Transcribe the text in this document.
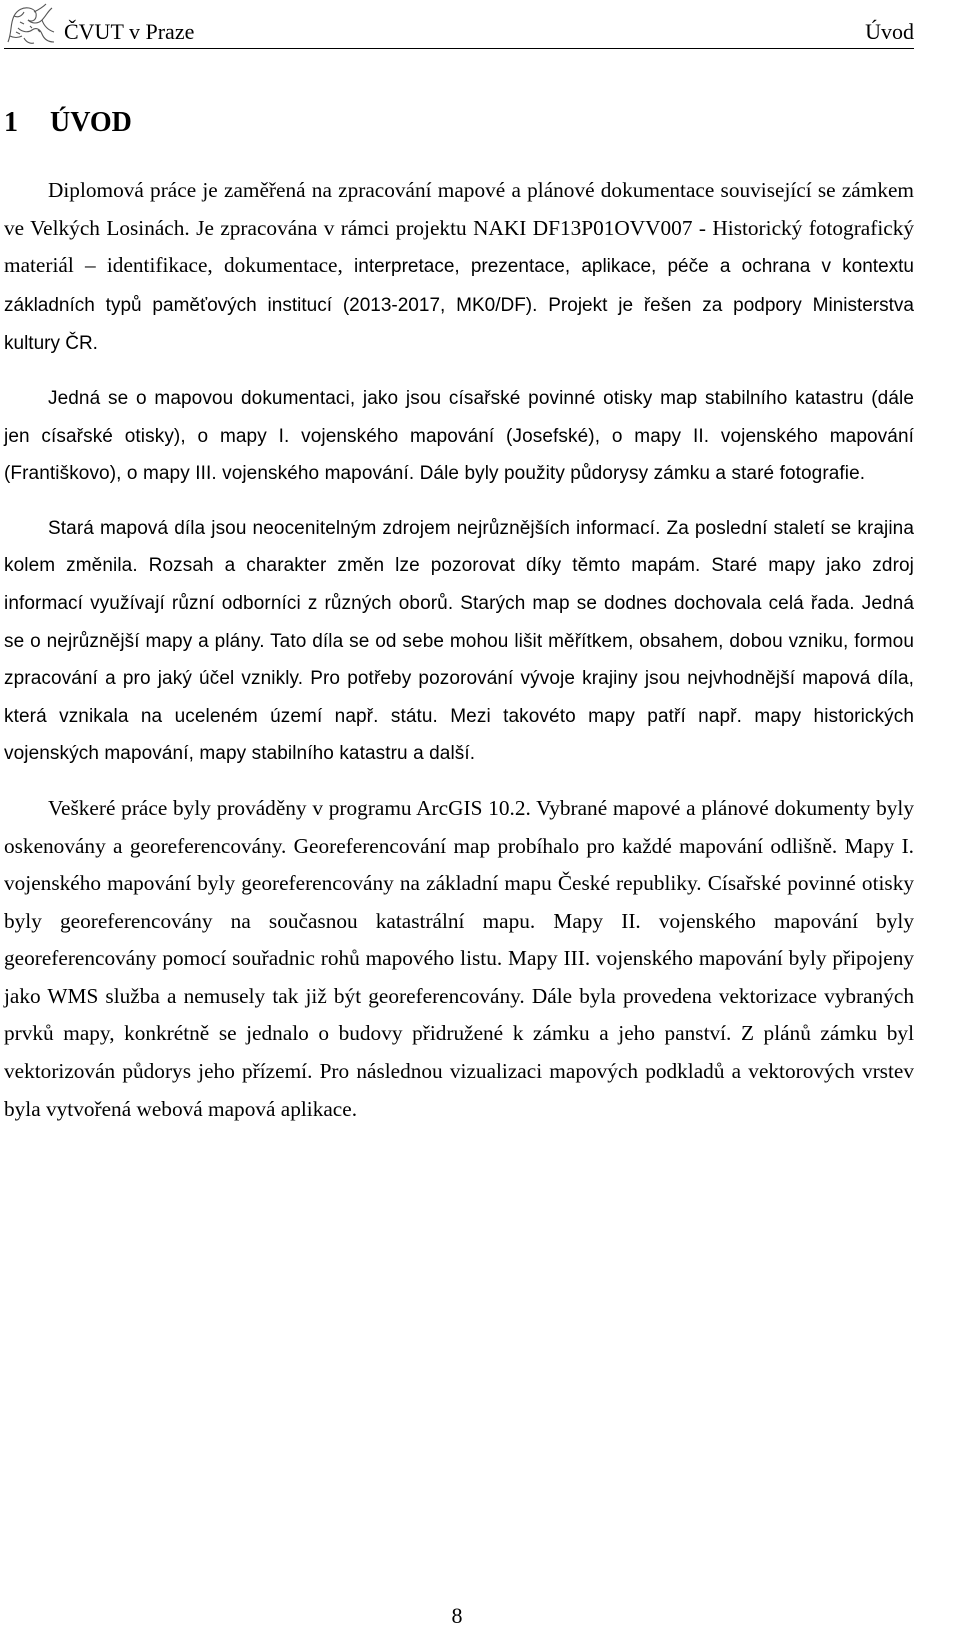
ČVUT v Praze	Úvod
1 ÚVOD

Diplomová práce je zaměřená na zpracování mapové a plánové dokumentace související se zámkem ve Velkých Losinách. Je zpracována v rámci projektu NAKI DF13P01OVV007 - Historický fotografický materiál – identifikace, dokumentace, interpretace, prezentace, aplikace, péče a ochrana v kontextu základních typů paměťových institucí (2013-2017, MK0/DF). Projekt je řešen za podpory Ministerstva kultury ČR.

Jedná se o mapovou dokumentaci, jako jsou císařské povinné otisky map stabilního katastru (dále jen císařské otisky), o mapy I. vojenského mapování (Josefské), o mapy II. vojenského mapování (Františkovo), o mapy III. vojenského mapování. Dále byly použity půdorysy zámku a staré fotografie.

Stará mapová díla jsou neocenitelným zdrojem nejrůznějších informací. Za poslední staletí se krajina kolem změnila. Rozsah a charakter změn lze pozorovat díky těmto mapám. Staré mapy jako zdroj informací využívají různí odborníci z různých oborů. Starých map se dodnes dochovala celá řada. Jedná se o nejrůznější mapy a plány. Tato díla se od sebe mohou lišit měřítkem, obsahem, dobou vzniku, formou zpracování a pro jaký účel vznikly. Pro potřeby pozorování vývoje krajiny jsou nejvhodnější mapová díla, která vznikala na uceleném území např. státu. Mezi takovéto mapy patří např. mapy historických vojenských mapování, mapy stabilního katastru a další.

Veškeré práce byly prováděny v programu ArcGIS 10.2. Vybrané mapové a plánové dokumenty byly oskenovány a georeferencovány. Georeferencování map probíhalo pro každé mapování odlišně. Mapy I. vojenského mapování byly georeferencovány na základní mapu České republiky. Císařské povinné otisky byly georeferencovány na současnou katastrální mapu. Mapy II. vojenského mapování byly georeferencovány pomocí souřadnic rohů mapového listu. Mapy III. vojenského mapování byly připojeny jako WMS služba a nemusely tak již být georeferencovány. Dále byla provedena vektorizace vybraných prvků mapy, konkrétně se jednalo o budovy přidružené k zámku a jeho panství. Z plánů zámku byl vektorizován půdorys jeho přízemí. Pro následnou vizualizaci mapových podkladů a vektorových vrstev byla vytvořená webová mapová aplikace.

8
